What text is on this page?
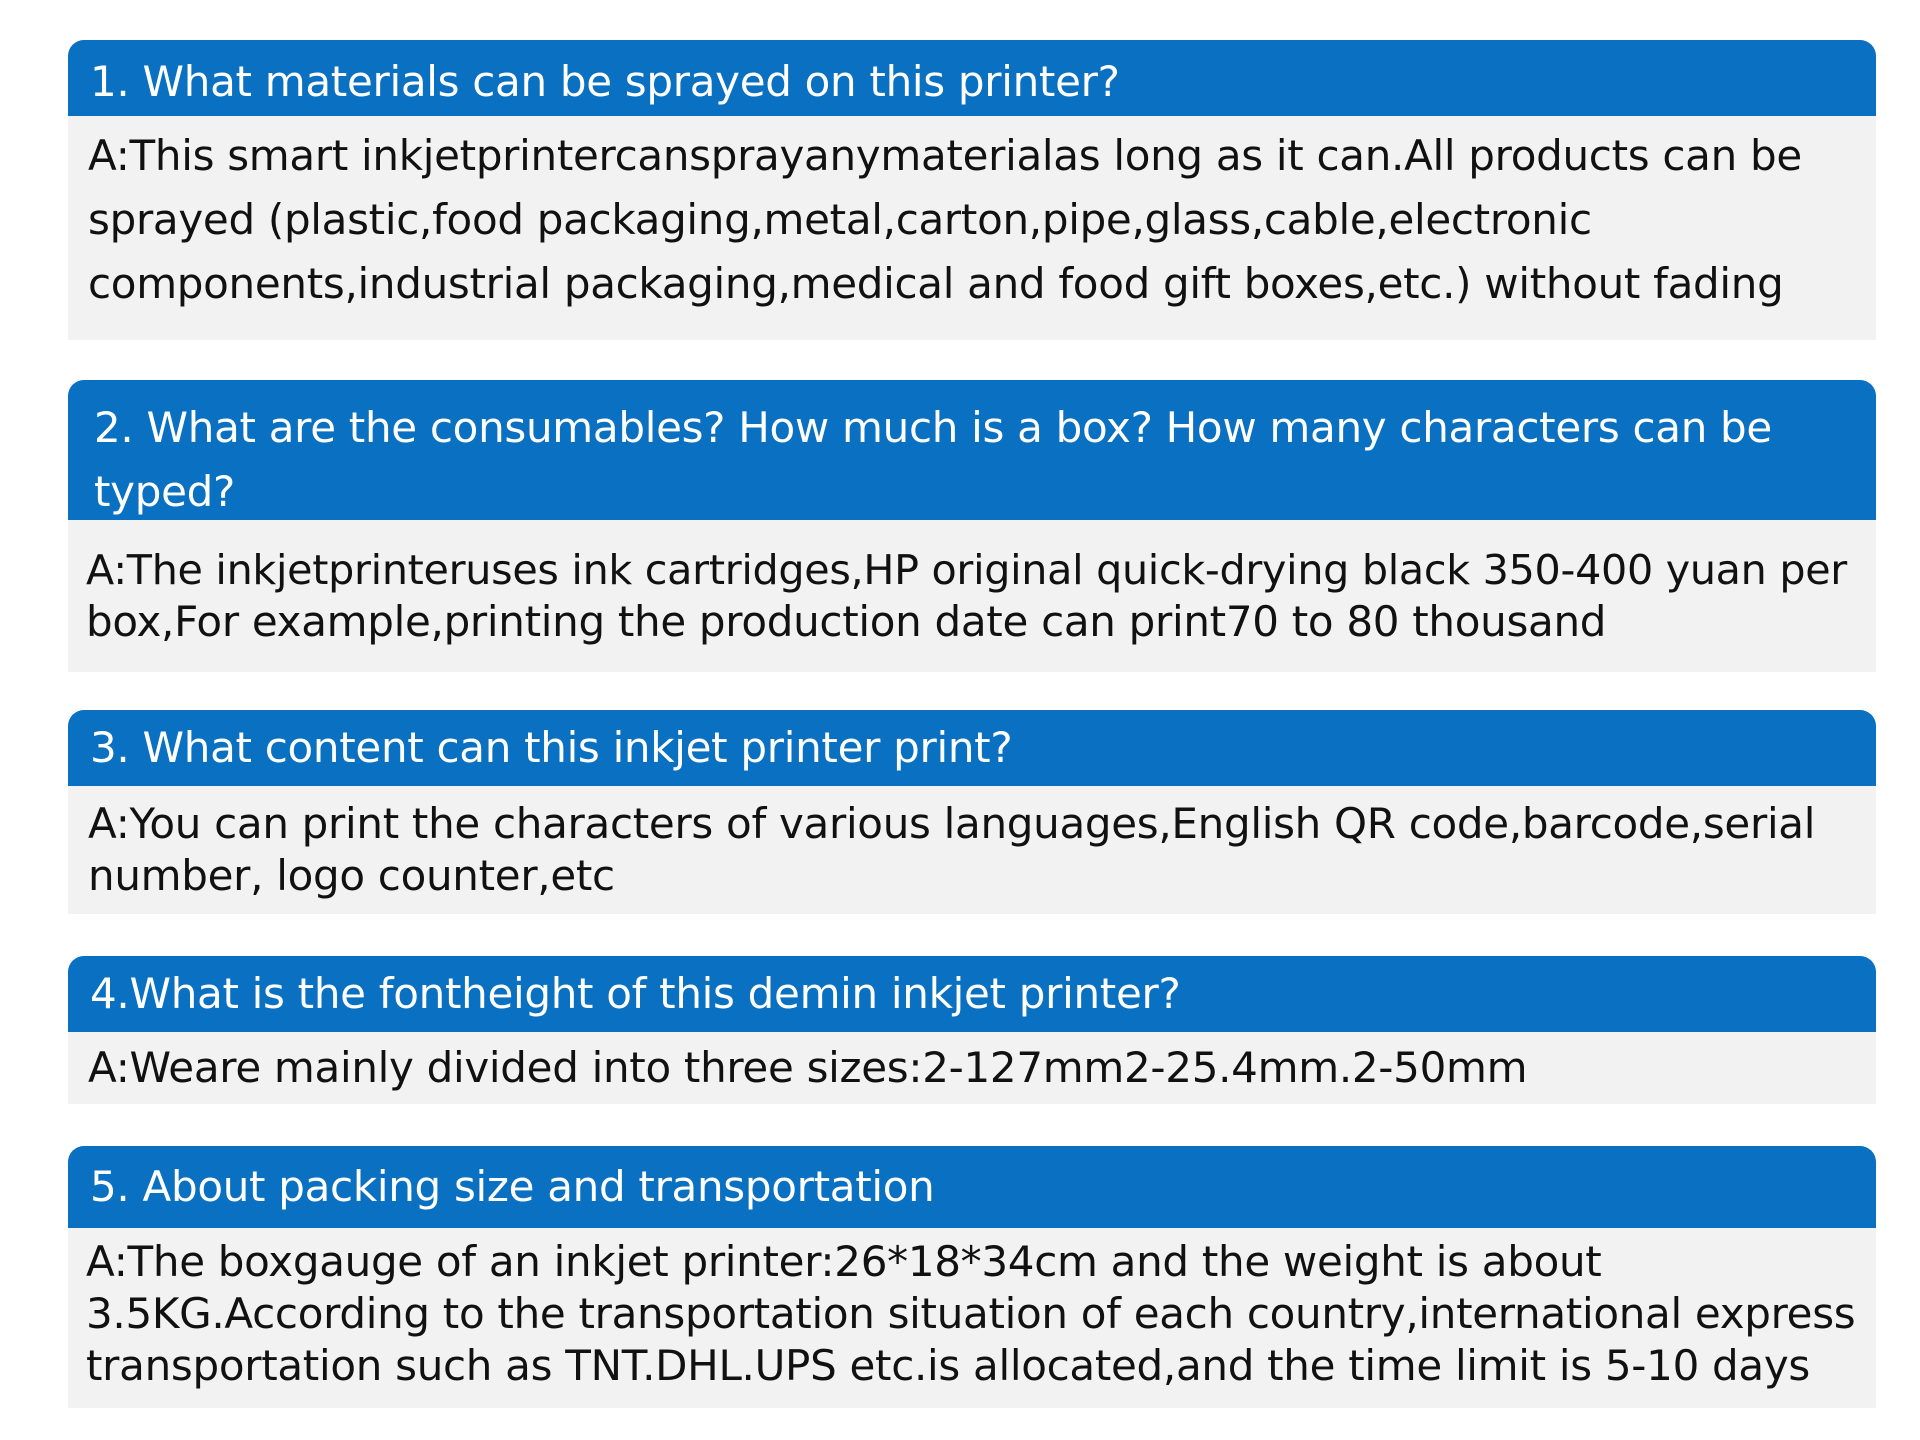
1. What materials can be sprayed on this printer?
A:This smart inkjetprintercansprayanymaterialas long as it can.All products can be
sprayed (plastic,food packaging,metal,carton,pipe,glass,cable,electronic
components,industrial packaging,medical and food gift boxes,etc.) without fading
2. What are the consumables? How much is a box? How many characters can be
typed?
A:The inkjetprinteruses ink cartridges,HP original quick-drying black 350-400 yuan per
box,For example,printing the production date can print70 to 80 thousand
3. What content can this inkjet printer print?
A:You can print the characters of various languages,English QR code,barcode,serial
number, logo counter,etc
4.What is the fontheight of this demin inkjet printer?
A:Weare mainly divided into three sizes:2-127mm2-25.4mm.2-50mm
5. About packing size and transportation
A:The boxgauge of an inkjet printer:26*18*34cm and the weight is about
3.5KG.According to the transportation situation of each country,international express
transportation such as TNT.DHL.UPS etc.is allocated,and the time limit is 5-10 days
